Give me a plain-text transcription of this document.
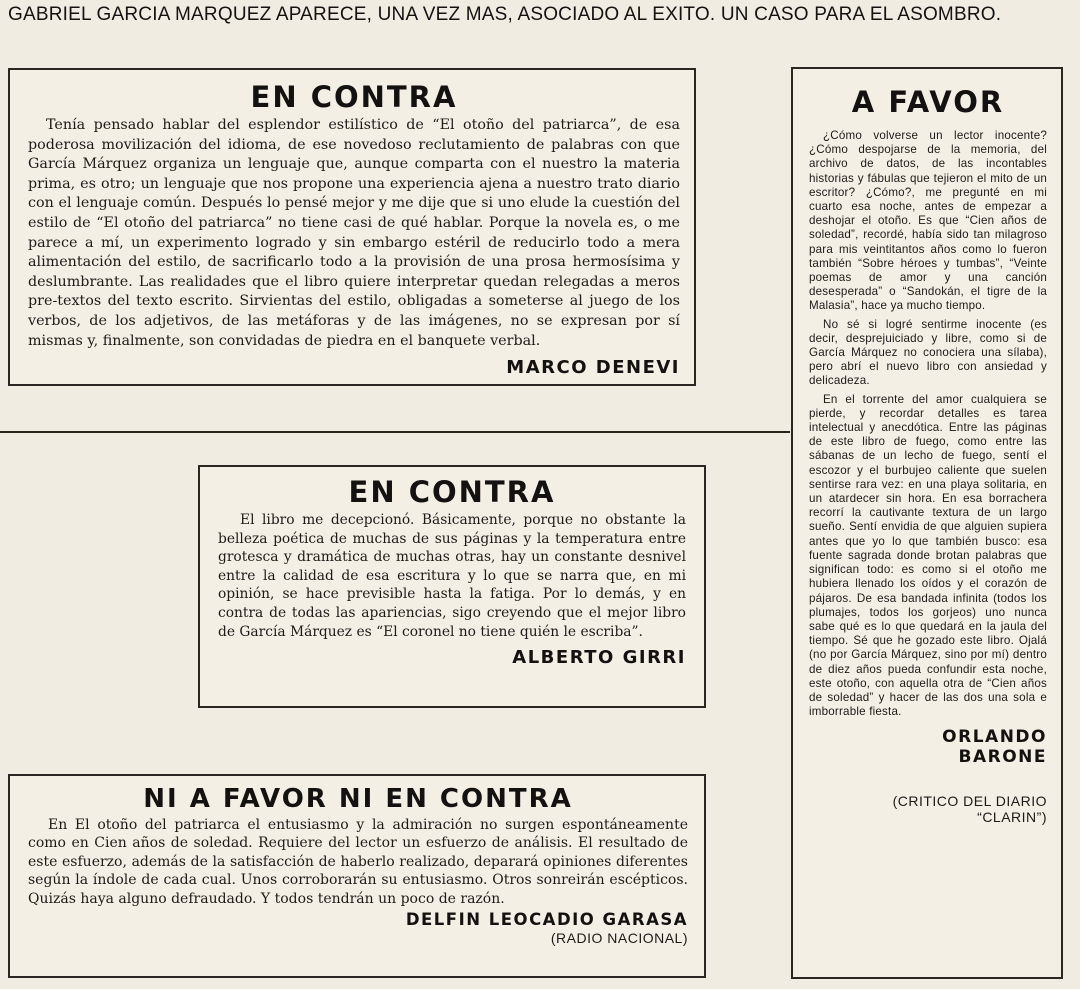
GABRIEL GARCIA MARQUEZ APARECE, UNA VEZ MAS, ASOCIADO AL EXITO. UN CASO PARA EL ASOMBRO.
EN CONTRA

Tenía pensado hablar del esplendor estilístico de “El otoño del patriarca”, de esa poderosa movilización del idioma, de ese novedoso reclutamiento de palabras con que García Márquez organiza un lenguaje que, aunque comparta con el nuestro la materia prima, es otro; un lenguaje que nos propone una experiencia ajena a nuestro trato diario con el lenguaje común. Después lo pensé mejor y me dije que si uno elude la cuestión del estilo de “El otoño del patriarca” no tiene casi de qué hablar. Porque la novela es, o me parece a mí, un experimento logrado y sin embargo estéril de reducirlo todo a mera alimentación del estilo, de sacrificarlo todo a la provisión de una prosa hermosísima y deslumbrante. Las realidades que el libro quiere interpretar quedan relegadas a meros pre-textos del texto escrito. Sirvientas del estilo, obligadas a someterse al juego de los verbos, de los adjetivos, de las metáforas y de las imágenes, no se expresan por sí mismas y, finalmente, son convidadas de piedra en el banquete verbal.

MARCO DENEVI
EN CONTRA

El libro me decepcionó. Básicamente, porque no obstante la belleza poética de muchas de sus páginas y la temperatura entre grotesca y dramática de muchas otras, hay un constante desnivel entre la calidad de esa escritura y lo que se narra que, en mi opinión, se hace previsible hasta la fatiga. Por lo demás, y en contra de todas las apariencias, sigo creyendo que el mejor libro de García Márquez es “El coronel no tiene quién le escriba”.

ALBERTO GIRRI
NI A FAVOR NI EN CONTRA

En El otoño del patriarca el entusiasmo y la admiración no surgen espontáneamente como en Cien años de soledad. Requiere del lector un esfuerzo de análisis. El resultado de este esfuerzo, además de la satisfacción de haberlo realizado, deparará opiniones diferentes según la índole de cada cual. Unos corroborarán su entusiasmo. Otros sonreirán escépticos. Quizás haya alguno defraudado. Y todos tendrán un poco de razón.

DELFIN LEOCADIO GARASA
(RADIO NACIONAL)
A FAVOR

¿Cómo volverse un lector inocente? ¿Cómo despojarse de la memoria, del archivo de datos, de las incontables historias y fábulas que tejieron el mito de un escritor? ¿Cómo?, me pregunté en mi cuarto esa noche, antes de empezar a deshojar el otoño. Es que “Cien años de soledad”, recordé, había sido tan milagroso para mis veintitantos años como lo fueron también “Sobre héroes y tumbas”, “Veinte poemas de amor y una canción desesperada” o “Sandokán, el tigre de la Malasia”, hace ya mucho tiempo.

No sé si logré sentirme inocente (es decir, desprejuiciado y libre, como si de García Márquez no conociera una sílaba), pero abrí el nuevo libro con ansiedad y delicadeza.

En el torrente del amor cualquiera se pierde, y recordar detalles es tarea intelectual y anecdótica. Entre las páginas de este libro de fuego, como entre las sábanas de un lecho de fuego, sentí el escozor y el burbujeo caliente que suelen sentirse rara vez: en una playa solitaria, en un atardecer sin hora. En esa borrachera recorrí la cautivante textura de un largo sueño. Sentí envidia de que alguien supiera antes que yo lo que también busco: esa fuente sagrada donde brotan palabras que significan todo: es como si el otoño me hubiera llenado los oídos y el corazón de pájaros. De esa bandada infinita (todos los plumajes, todos los gorjeos) uno nunca sabe qué es lo que quedará en la jaula del tiempo. Sé que he gozado este libro. Ojalá (no por García Márquez, sino por mí) dentro de diez años pueda confundir esta noche, este otoño, con aquella otra de “Cien años de soledad” y hacer de las dos una sola e imborrable fiesta.

ORLANDO
BARONE
(CRITICO DEL DIARIO
“CLARIN”)
